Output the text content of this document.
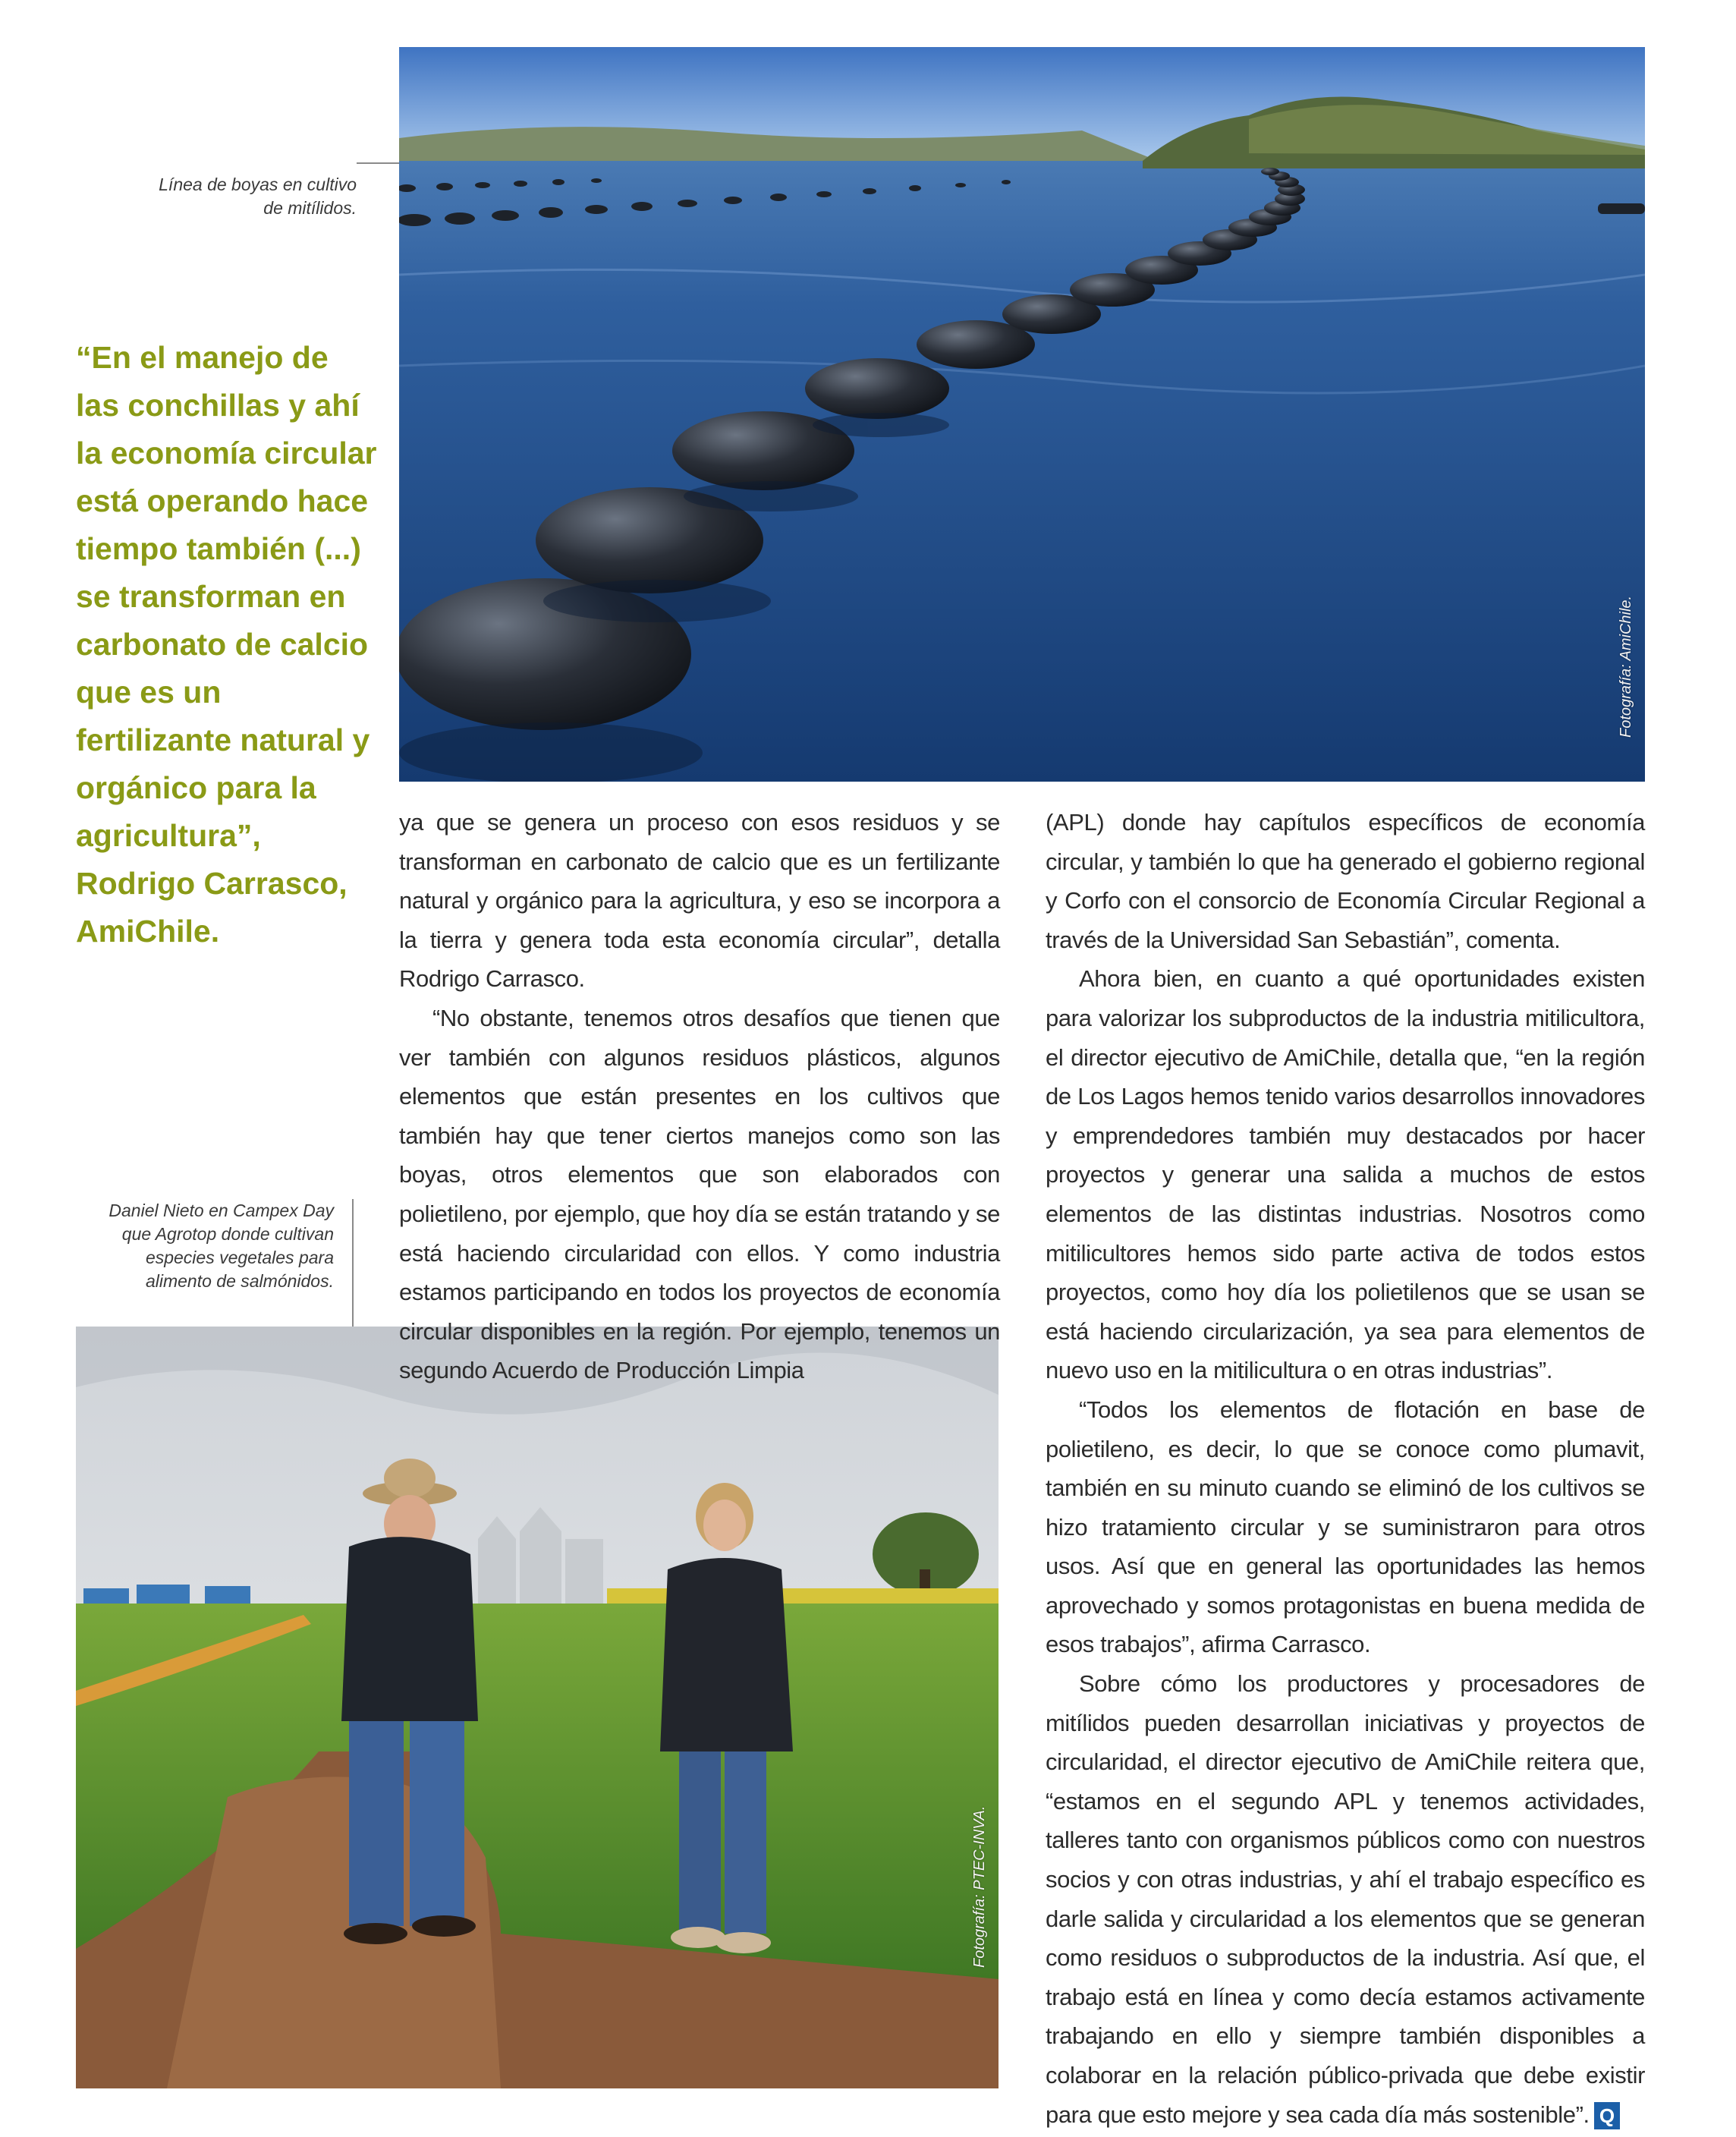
Fotografía: AmiChile.
Línea de boyas en cultivo de mitílidos.
“En el manejo de las conchillas y ahí la economía circular está operando hace tiempo también (...) se transforman en carbonato de calcio que es un fertilizante natural y orgánico para la agricultura”, Rodrigo Carrasco, AmiChile.
Daniel Nieto en Campex Day que Agrotop donde cultivan especies vegetales para alimento de salmónidos.
Fotografía: PTEC-INVA.

ya que se genera un proceso con esos residuos y se transforman en carbonato de calcio que es un fertilizante natural y orgánico para la agricultura, y eso se incorpora a la tierra y genera toda esta economía circular”, detalla Rodrigo Carrasco.

“No obstante, tenemos otros desafíos que tienen que ver también con algunos residuos plásticos, algunos elementos que están presentes en los cultivos que también hay que tener ciertos manejos como son las boyas, otros elementos que son elaborados con polietileno, por ejemplo, que hoy día se están tratando y se está haciendo circularidad con ellos. Y como industria estamos participando en todos los proyectos de economía circular disponibles en la región. Por ejemplo, tenemos un segundo Acuerdo de Producción Limpia

(APL) donde hay capítulos específicos de economía circular, y también lo que ha generado el gobierno regional y Corfo con el consorcio de Economía Circular Regional a través de la Universidad San Sebastián”, comenta.

Ahora bien, en cuanto a qué oportunidades existen para valorizar los subproductos de la industria mitilicultora, el director ejecutivo de AmiChile, detalla que, “en la región de Los Lagos hemos tenido varios desarrollos innovadores y emprendedores también muy destacados por hacer proyectos y generar una salida a muchos de estos elementos de las distintas industrias. Nosotros como mitilicultores hemos sido parte activa de todos estos proyectos, como hoy día los polietilenos que se usan se está haciendo circularización, ya sea para elementos de nuevo uso en la mitilicultura o en otras industrias”.

“Todos los elementos de flotación en base de polietileno, es decir, lo que se conoce como plumavit, también en su minuto cuando se eliminó de los cultivos se hizo tratamiento circular y se suministraron para otros usos. Así que en general las oportunidades las hemos aprovechado y somos protagonistas en buena medida de esos trabajos”, afirma Carrasco.

Sobre cómo los productores y procesadores de mitílidos pueden desarrollan iniciativas y proyectos de circularidad, el director ejecutivo de AmiChile reitera que, “estamos en el segundo APL y tenemos actividades, talleres tanto con organismos públicos como con nuestros socios y con otras industrias, y ahí el trabajo específico es darle salida y circularidad a los elementos que se generan como residuos o subproductos de la industria. Así que, el trabajo está en línea y como decía estamos activamente trabajando en ello y siempre también disponibles a colaborar en la relación público-privada que debe existir para que esto mejore y sea cada día más sostenible”. Q
